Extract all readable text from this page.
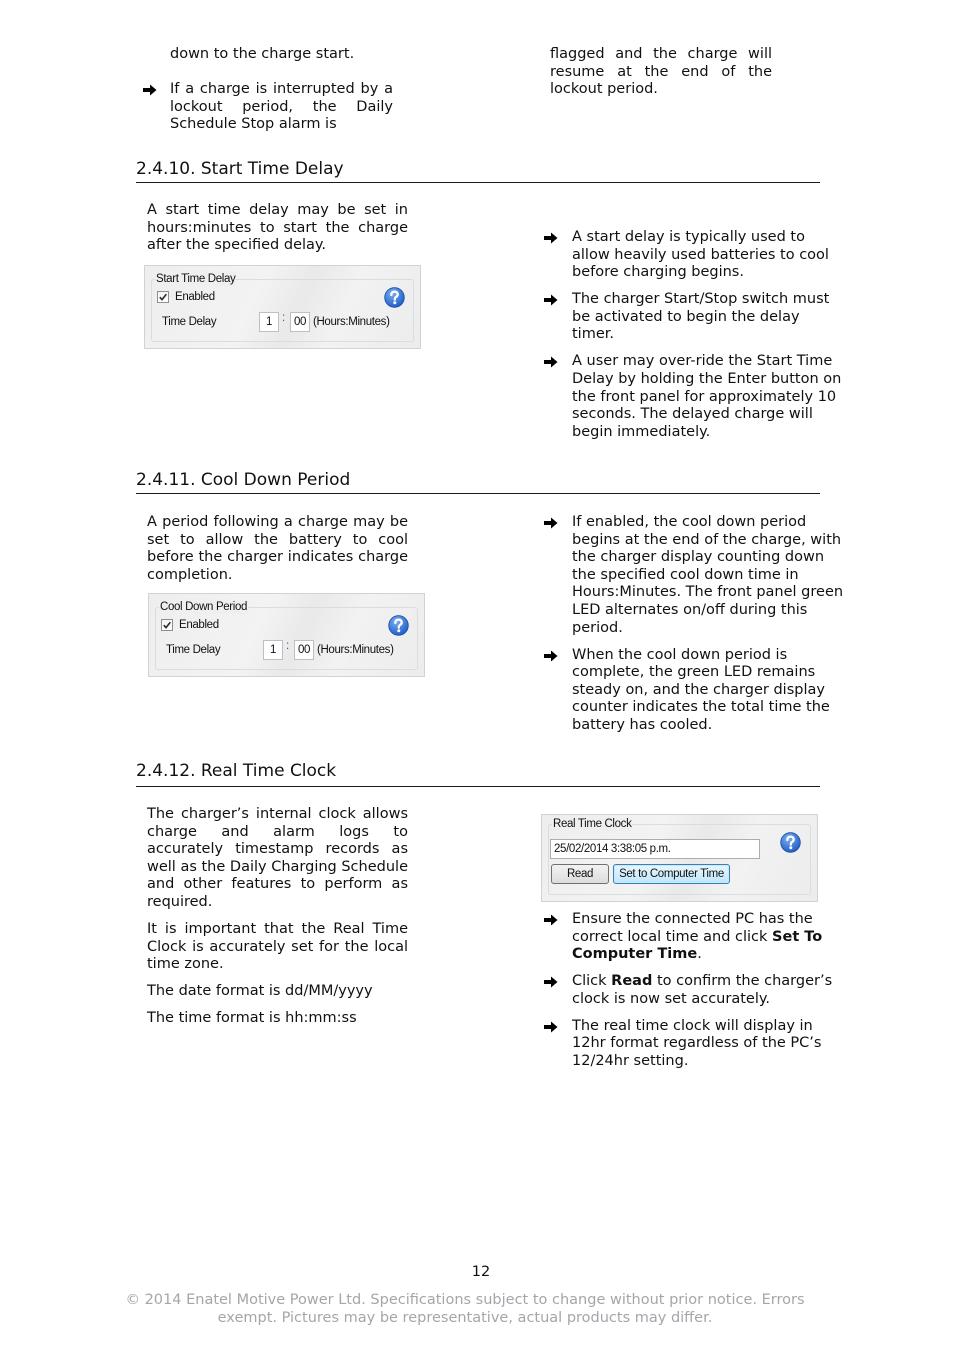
down to the charge start.
If a charge is interrupted by a lockout period, the Daily Schedule Stop alarm is
flagged and the charge will resume at the end of the lockout period.
2.4.10. Start Time Delay
A start time delay may be set in hours:minutes to start the charge after the specified delay.
Start Time Delay
Enabled
Time Delay	1 : 00 (Hours:Minutes)
A start delay is typically used to allow heavily used batteries to cool before charging begins.
The charger Start/Stop switch must be activated to begin the delay timer.
A user may over-ride the Start Time Delay by holding the Enter button on the front panel for approximately 10 seconds. The delayed charge will begin immediately.
2.4.11. Cool Down Period
A period following a charge may be set to allow the battery to cool before the charger indicates charge completion.
Cool Down Period
Enabled
Time Delay	1 : 00 (Hours:Minutes)
If enabled, the cool down period begins at the end of the charge, with the charger display counting down the specified cool down time in Hours:Minutes. The front panel green LED alternates on/off during this period.
When the cool down period is complete, the green LED remains steady on, and the charger display counter indicates the total time the battery has cooled.
2.4.12. Real Time Clock

The charger’s internal clock allows charge and alarm logs to accurately timestamp records as well as the Daily Charging Schedule and other features to perform as required.

It is important that the Real Time Clock is accurately set for the local time zone.

The date format is dd/MM/yyyy

The time format is hh:mm:ss

Real Time Clock
25/02/2014 3:38:05 p.m.
Read	Set to Computer Time
Ensure the connected PC has the correct local time and click Set To Computer Time.
Click Read to confirm the charger’s clock is now set accurately.
The real time clock will display in 12hr format regardless of the PC’s 12/24hr setting.
12
© 2014 Enatel Motive Power Ltd. Specifications subject to change without prior notice. Errors
exempt. Pictures may be representative, actual products may differ.
